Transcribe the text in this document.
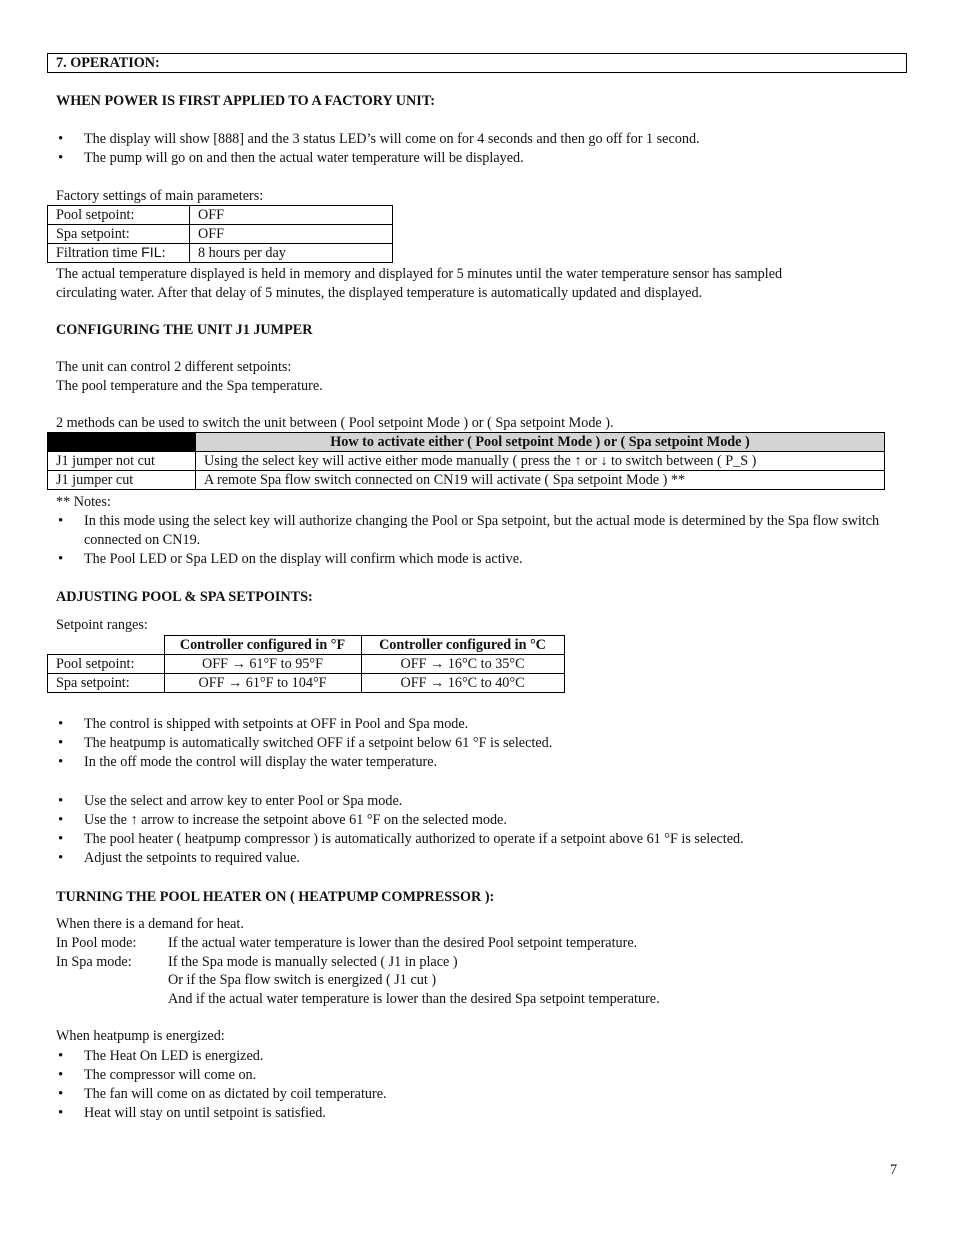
7. OPERATION:
WHEN POWER IS FIRST APPLIED TO A FACTORY UNIT:
• The display will show [888] and the 3 status LED’s will come on for 4 seconds and then go off for 1 second.
• The pump will go on and then the actual water temperature will be displayed.
Factory settings of main parameters:
Pool setpoint:	OFF
Spa setpoint:	OFF
Filtration time FIL:	8 hours per day
The actual temperature displayed is held in memory and displayed for 5 minutes until the water temperature sensor has sampled
circulating water. After that delay of 5 minutes, the displayed temperature is automatically updated and displayed.
CONFIGURING THE UNIT J1 JUMPER
The unit can control 2 different setpoints:
The pool temperature and the Spa temperature.
2 methods can be used to switch the unit between ( Pool setpoint Mode ) or ( Spa setpoint Mode ).
	How to activate either ( Pool setpoint Mode ) or ( Spa setpoint Mode )
J1 jumper not cut	Using the select key will active either mode manually ( press the ↑ or ↓ to switch between ( P_S )
J1 jumper cut	A remote Spa flow switch connected on CN19 will activate ( Spa setpoint Mode ) **
** Notes:
• In this mode using the select key will authorize changing the Pool or Spa setpoint, but the actual mode is determined by the Spa flow switch connected on CN19.
• The Pool LED or Spa LED on the display will confirm which mode is active.
ADJUSTING POOL & SPA SETPOINTS:
Setpoint ranges:
	Controller configured in °F	Controller configured in °C
Pool setpoint:	OFF → 61°F to 95°F	OFF → 16°C to 35°C
Spa setpoint:	OFF → 61°F to 104°F	OFF → 16°C to 40°C
• The control is shipped with setpoints at OFF in Pool and Spa mode.
• The heatpump is automatically switched OFF if a setpoint below 61 °F is selected.
• In the off mode the control will display the water temperature.
• Use the select and arrow key to enter Pool or Spa mode.
• Use the ↑ arrow to increase the setpoint above 61 °F on the selected mode.
• The pool heater ( heatpump compressor ) is automatically authorized to operate if a setpoint above 61 °F is selected.
• Adjust the setpoints to required value.
TURNING THE POOL HEATER ON ( HEATPUMP COMPRESSOR ):
When there is a demand for heat.
In Pool mode: If the actual water temperature is lower than the desired Pool setpoint temperature.
In Spa mode:	If the Spa mode is manually selected ( J1 in place )
Or if the Spa flow switch is energized ( J1 cut )
And if the actual water temperature is lower than the desired Spa setpoint temperature.
When heatpump is energized:
• The Heat On LED is energized.
• The compressor will come on.
• The fan will come on as dictated by coil temperature.
• Heat will stay on until setpoint is satisfied.
7
